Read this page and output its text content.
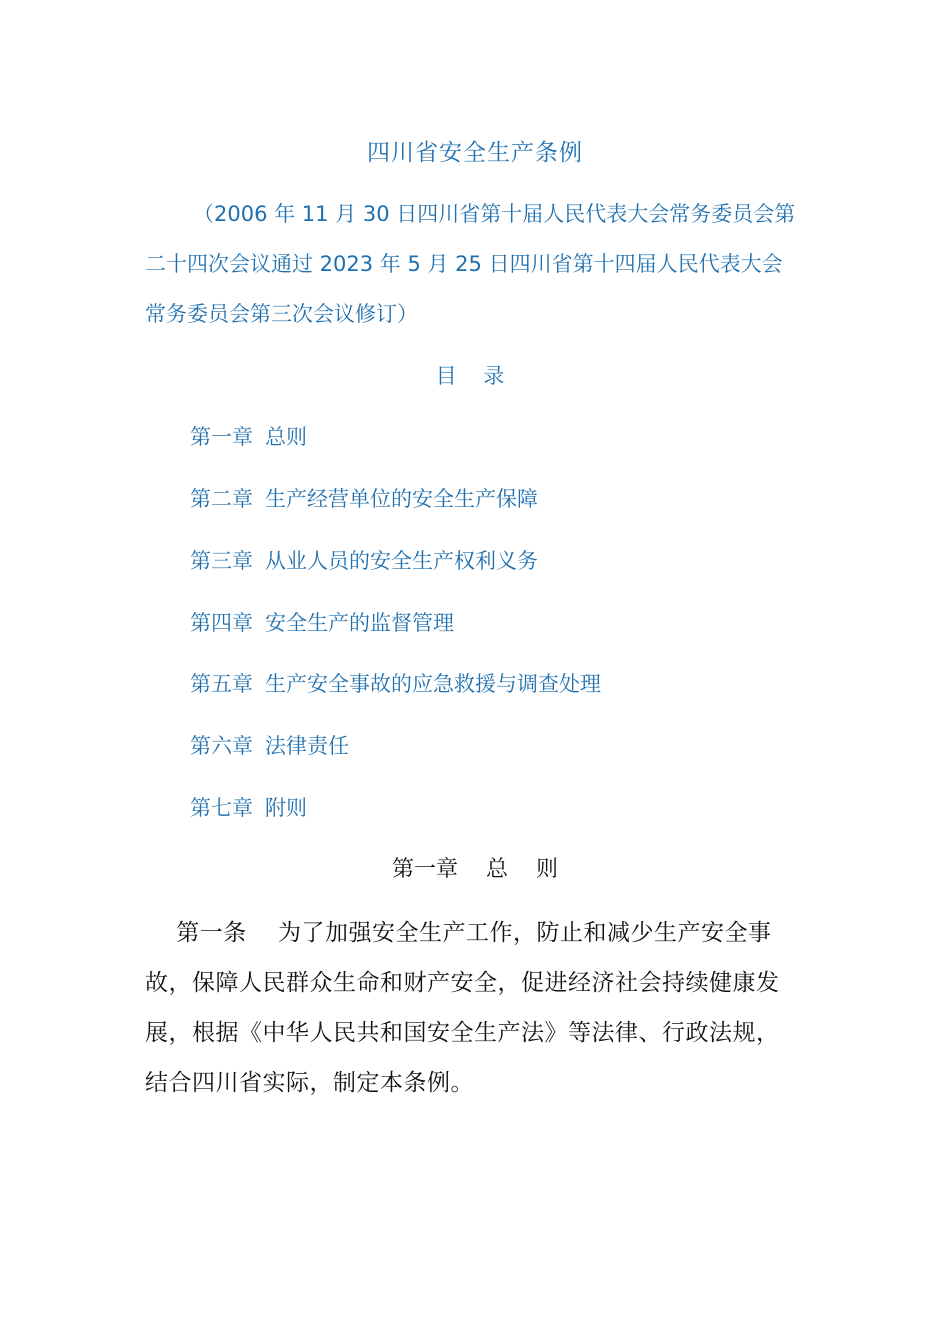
四川省安全生产条例
（2006 年 11 月 30 日四川省第十届人民代表大会常务委员会第
二十四次会议通过 2023 年 5 月 25 日四川省第十四届人民代表大会
常务委员会第三次会议修订）
目 录
第一章 总则
第二章 生产经营单位的安全生产保障
第三章 从业人员的安全生产权利义务
第四章 安全生产的监督管理
第五章 生产安全事故的应急救援与调查处理
第六章 法律责任
第七章 附则
第一章    总    则
第一条    为了加强安全生产工作，防止和减少生产安全事
故，保障人民群众生命和财产安全，促进经济社会持续健康发
展，根据《中华人民共和国安全生产法》等法律、行政法规，
结合四川省实际，制定本条例。
